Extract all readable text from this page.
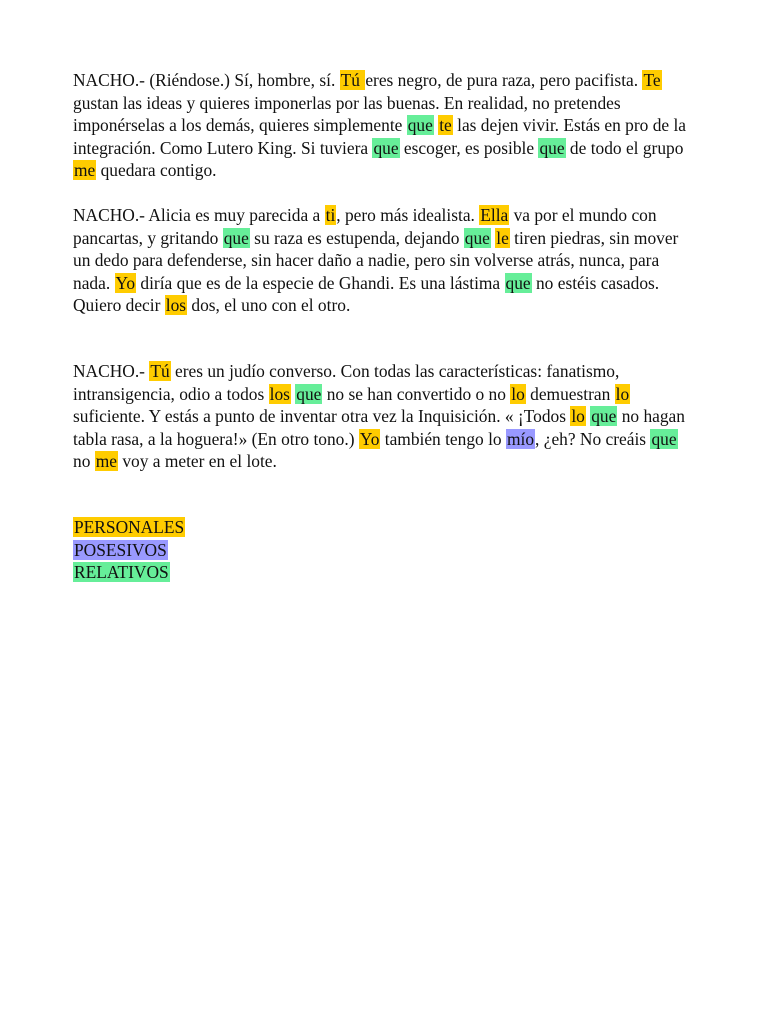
NACHO.- (Riéndose.) Sí, hombre, sí. Tú eres negro, de pura raza, pero pacifista. Te gustan las ideas y quieres imponerlas por las buenas. En realidad, no pretendes imponérselas a los demás, quieres simplemente que te las dejen vivir. Estás en pro de la integración. Como Lutero King. Si tuviera que escoger, es posible que de todo el grupo me quedara contigo.

NACHO.- Alicia es muy parecida a ti, pero más idealista. Ella va por el mundo con pancartas, y gritando que su raza es estupenda, dejando que le tiren piedras, sin mover un dedo para defenderse, sin hacer daño a nadie, pero sin volverse atrás, nunca, para nada. Yo diría que es de la especie de Ghandi. Es una lástima que no estéis casados. Quiero decir los dos, el uno con el otro.

NACHO.- Tú eres un judío converso. Con todas las características: fanatismo, intransigencia, odio a todos los que no se han convertido o no lo demuestran lo suficiente. Y estás a punto de inventar otra vez la Inquisición. « ¡Todos lo que no hagan tabla rasa, a la hoguera!» (En otro tono.) Yo también tengo lo mío, ¿eh? No creáis que no me voy a meter en el lote.

PERSONALES
POSESIVOS
RELATIVOS
